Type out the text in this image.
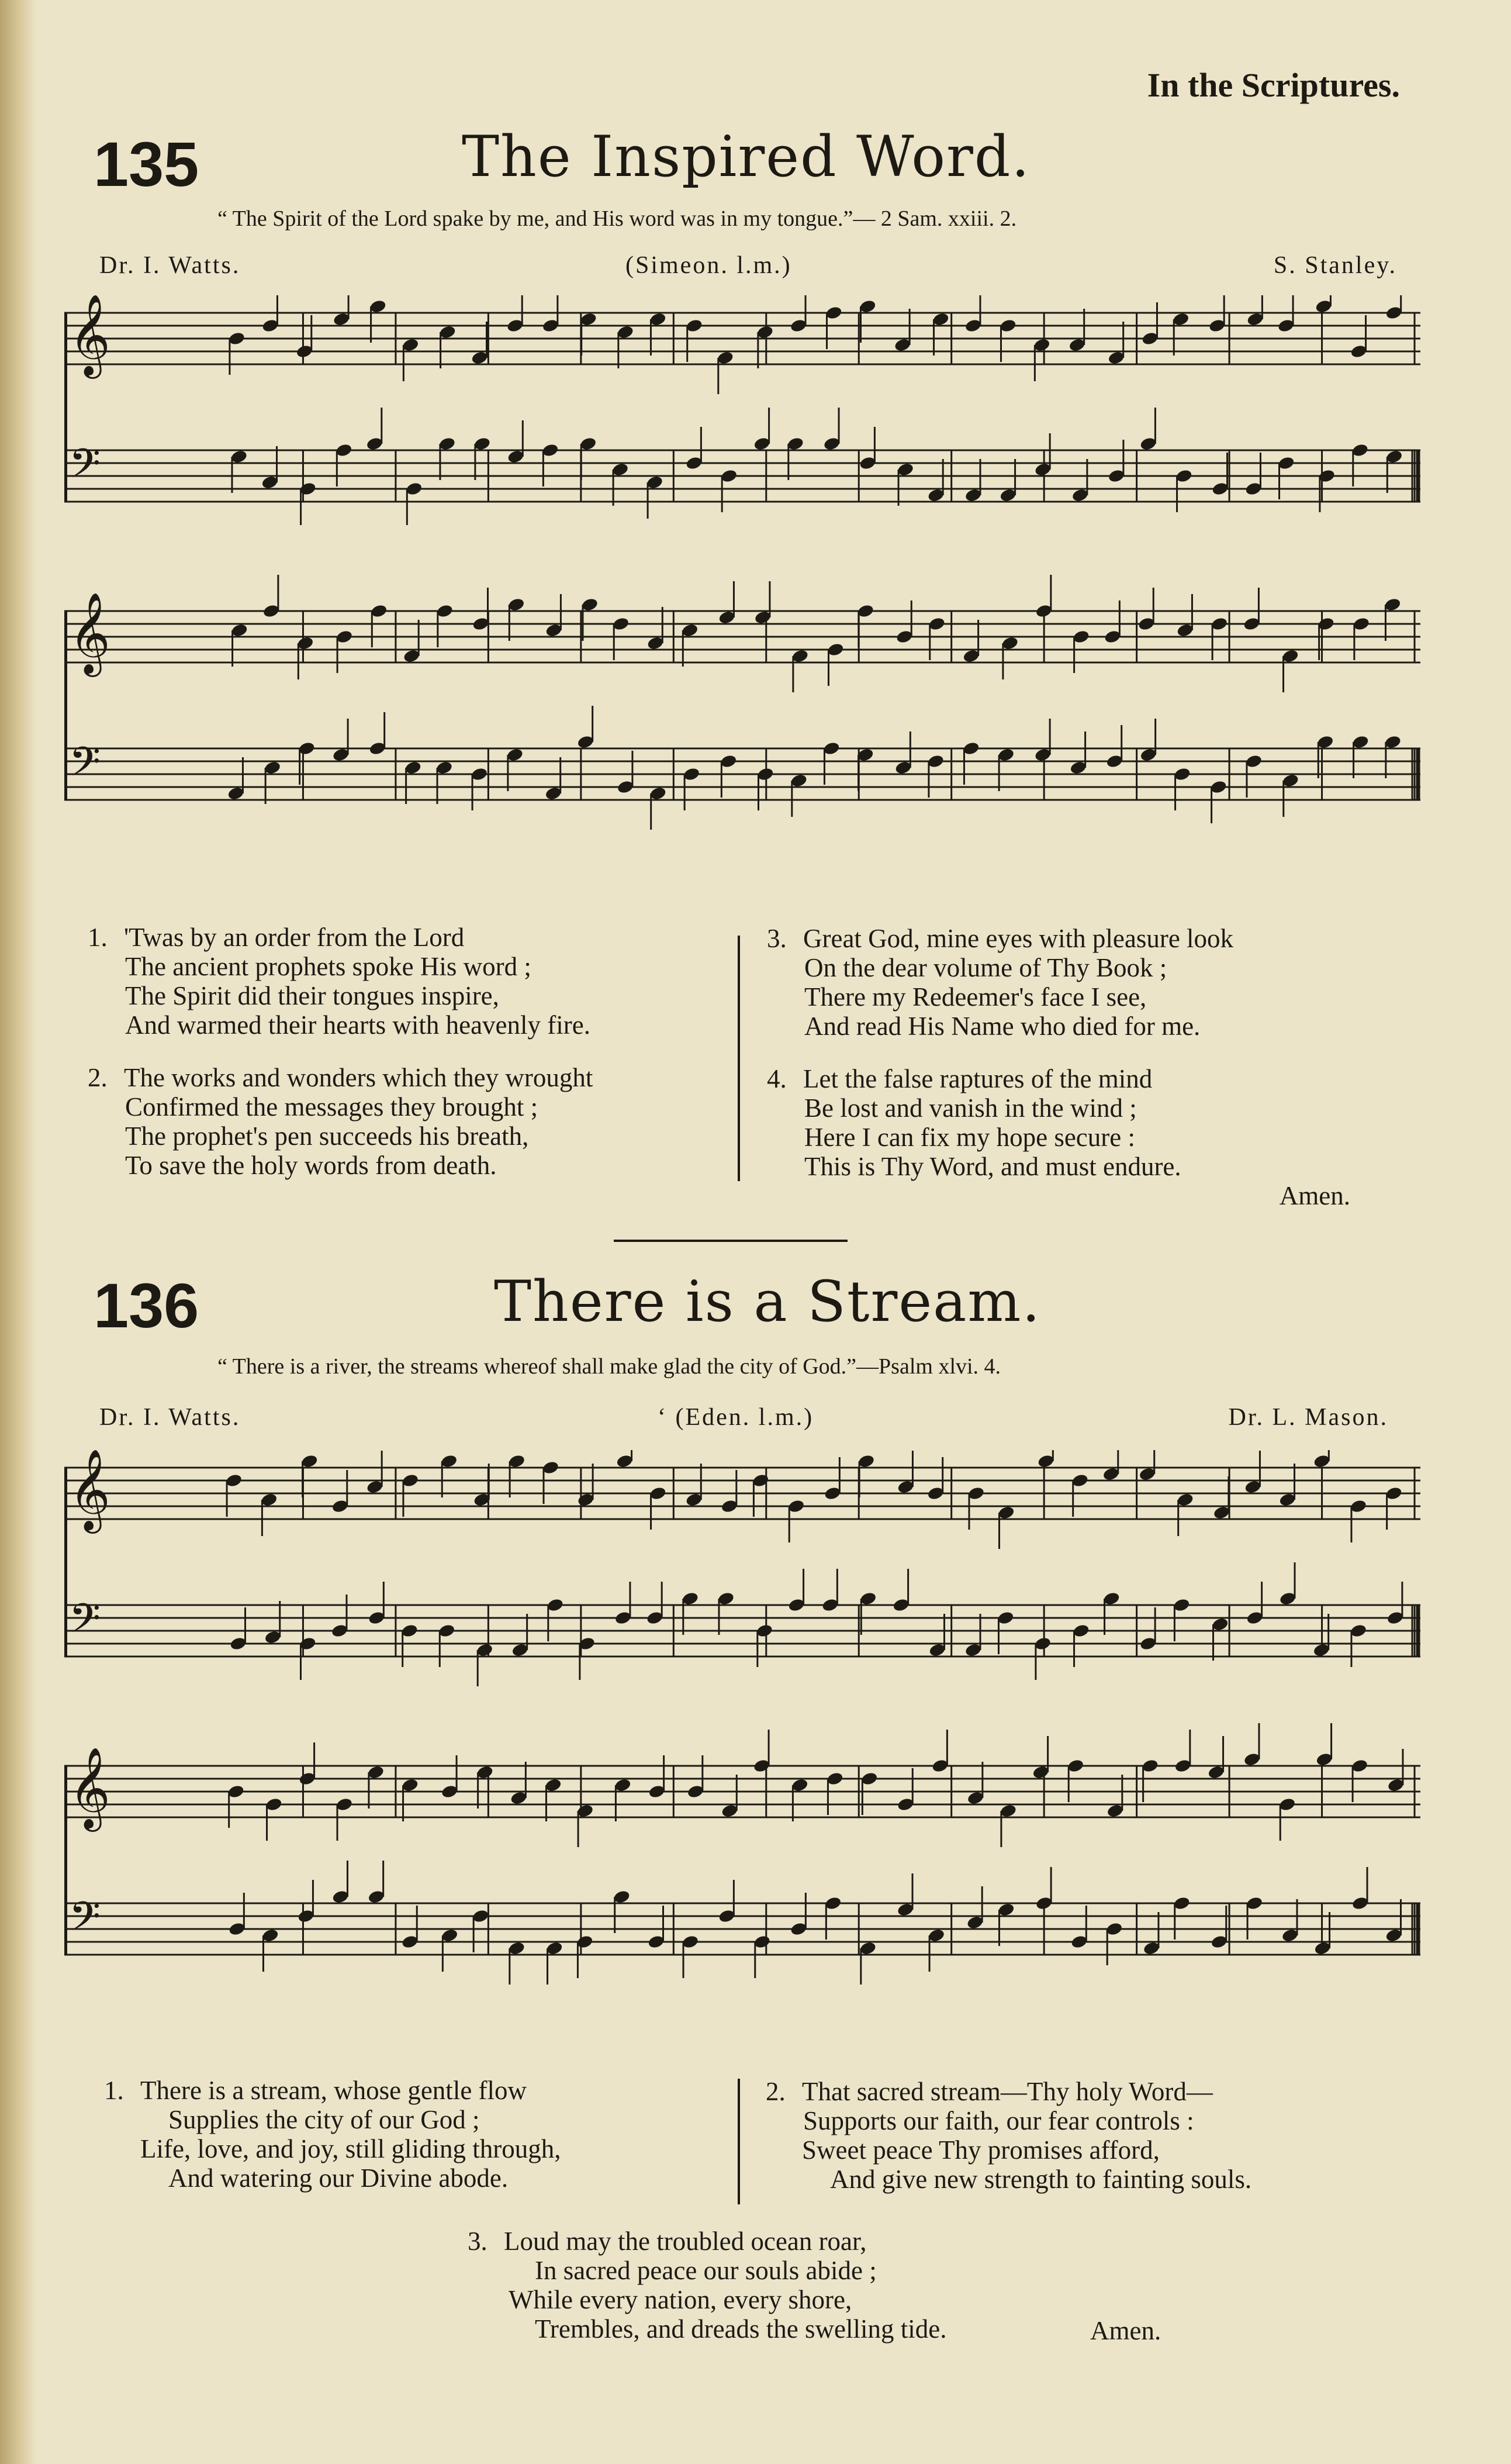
In the Scriptures.

135	The Inspired Word.

“ The Spirit of the Lord spake by me, and His word was in my tongue.”— 2 Sam. xxiii. 2.

Dr. I. Watts.	(Simeon. l.m.)	S. Stanley.

𝄞
𝄢
𝄞
𝄢

1. 'Twas by an order from the Lord

The ancient prophets spoke His word ;

The Spirit did their tongues inspire,

And warmed their hearts with heavenly fire.

2. The works and wonders which they wrought

Confirmed the messages they brought ;

The prophet's pen succeeds his breath,

To save the holy words from death.

3. Great God, mine eyes with pleasure look

On the dear volume of Thy Book ;

There my Redeemer's face I see,

And read His Name who died for me.

4. Let the false raptures of the mind

Be lost and vanish in the wind ;

Here I can fix my hope secure :

This is Thy Word, and must endure.

Amen.

136	There is a Stream.

“ There is a river, the streams whereof shall make glad the city of God.”—Psalm xlvi. 4.

Dr. I. Watts.	‘ (Eden. l.m.)	Dr. L. Mason.

𝄞
𝄢
𝄞
𝄢

1. There is a stream, whose gentle flow

Supplies the city of our God ;

Life, love, and joy, still gliding through,

And watering our Divine abode.

2. That sacred stream—Thy holy Word—

Supports our faith, our fear controls :

Sweet peace Thy promises afford,

And give new strength to fainting souls.

3. Loud may the troubled ocean roar,

In sacred peace our souls abide ;

While every nation, every shore,

Trembles, and dreads the swelling tide.	Amen.
